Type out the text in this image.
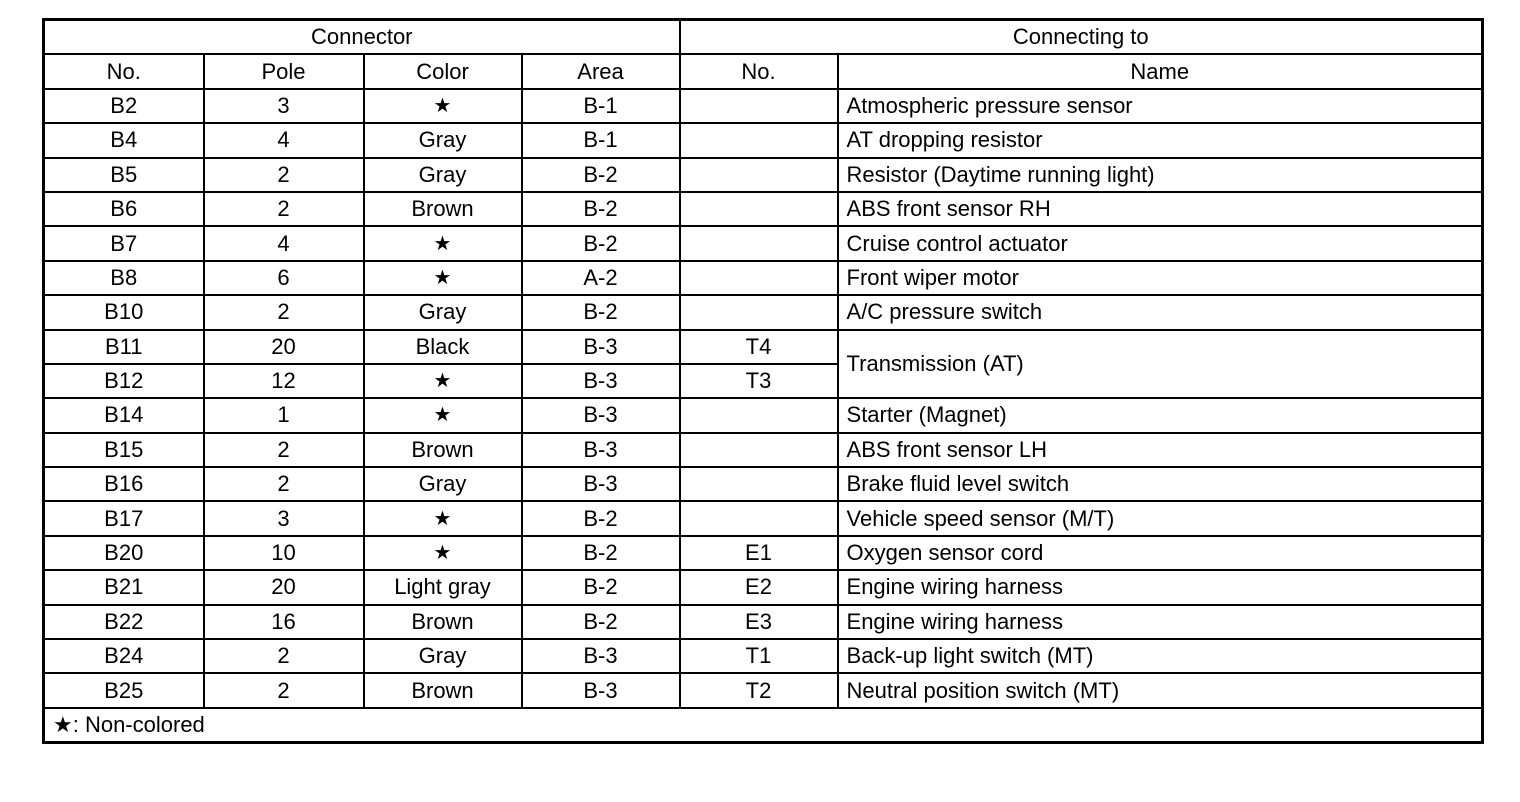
Connector				Connecting to	
No.	Pole	Color	Area	No.	Name
B2	3	★	B-1		Atmospheric pressure sensor
B4	4	Gray	B-1		AT dropping resistor
B5	2	Gray	B-2		Resistor (Daytime running light)
B6	2	Brown	B-2		ABS front sensor RH
B7	4	★	B-2		Cruise control actuator
B8	6	★	A-2		Front wiper motor
B10	2	Gray	B-2		A/C pressure switch
B11	20	Black	B-3	T4	Transmission (AT)
B12	12	★	B-3	T3	
B14	1	★	B-3		Starter (Magnet)
B15	2	Brown	B-3		ABS front sensor LH
B16	2	Gray	B-3		Brake fluid level switch
B17	3	★	B-2		Vehicle speed sensor (M/T)
B20	10	★	B-2	E1	Oxygen sensor cord
B21	20	Light gray	B-2	E2	Engine wiring harness
B22	16	Brown	B-2	E3	Engine wiring harness
B24	2	Gray	B-3	T1	Back-up light switch (MT)
B25	2	Brown	B-3	T2	Neutral position switch (MT)
★: Non-colored					
